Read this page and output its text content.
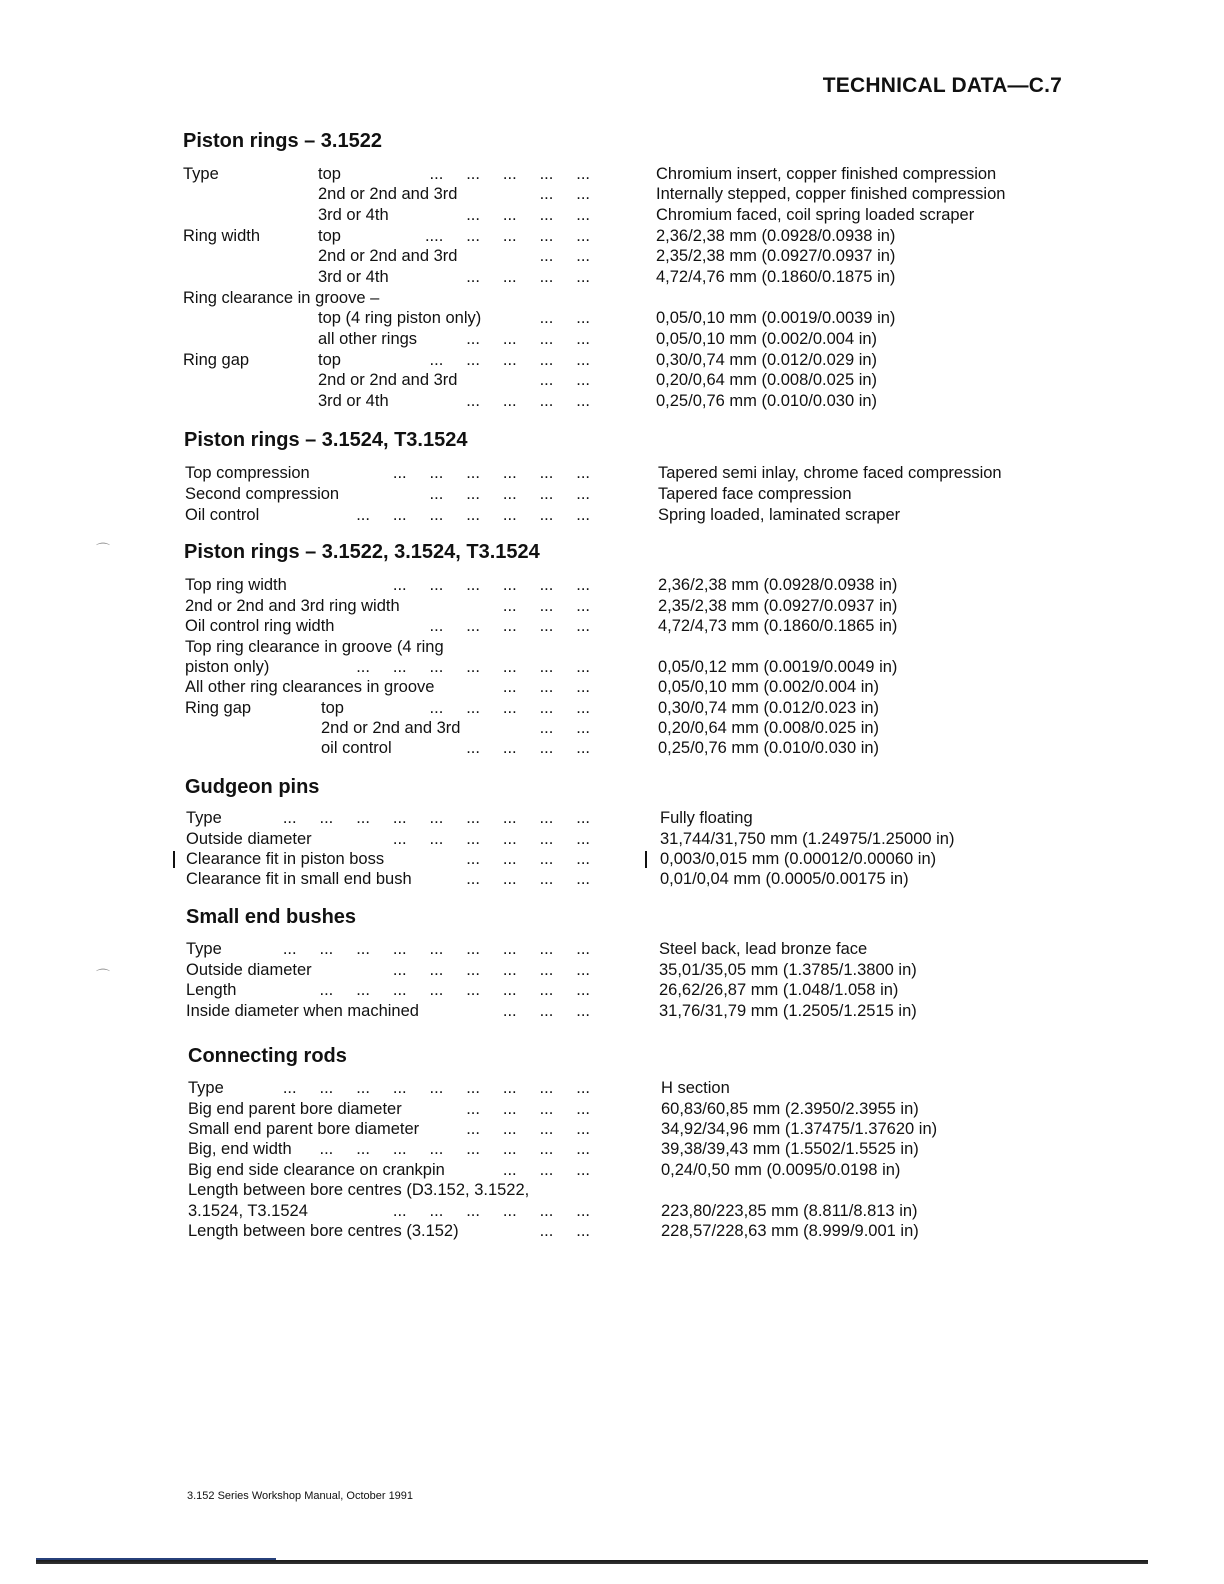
TECHNICAL DATA—C.7
Piston rings – 3.1522
Type	top	...     ...     ...     ...     ...	Chromium insert, copper finished compression
2nd or 2nd and 3rd	...     ...	Internally stepped, copper finished compression
3rd or 4th	...     ...     ...     ...	Chromium faced, coil spring loaded scraper
Ring width	top	....     ...     ...     ...     ...	2,36/2,38 mm (0.0928/0.0938 in)
2nd or 2nd and 3rd	...     ...	2,35/2,38 mm (0.0927/0.0937 in)
3rd or 4th	...     ...     ...     ...	4,72/4,76 mm (0.1860/0.1875 in)
Ring clearance in groove –
top (4 ring piston only)	...     ...	0,05/0,10 mm (0.0019/0.0039 in)
all other rings	...     ...     ...     ...	0,05/0,10 mm (0.002/0.004 in)
Ring gap	top	...     ...     ...     ...     ...	0,30/0,74 mm (0.012/0.029 in)
2nd or 2nd and 3rd	...     ...	0,20/0,64 mm (0.008/0.025 in)
3rd or 4th	...     ...     ...     ...	0,25/0,76 mm (0.010/0.030 in)
Piston rings – 3.1524, T3.1524
Top compression	...     ...     ...     ...     ...     ...	Tapered semi inlay, chrome faced compression
Second compression	...     ...     ...     ...     ...	Tapered face compression
Oil control	...     ...     ...     ...     ...     ...     ...	Spring loaded, laminated scraper
Piston rings – 3.1522, 3.1524, T3.1524
Top ring width	...     ...     ...     ...     ...     ...	2,36/2,38 mm (0.0928/0.0938 in)
2nd or 2nd and 3rd ring width	...     ...     ...	2,35/2,38 mm (0.0927/0.0937 in)
Oil control ring width	...     ...     ...     ...     ...	4,72/4,73 mm (0.1860/0.1865 in)
Top ring clearance in groove (4 ring
piston only)	...     ...     ...     ...     ...     ...     ...	0,05/0,12 mm (0.0019/0.0049 in)
All other ring clearances in groove	...     ...     ...	0,05/0,10 mm (0.002/0.004 in)
Ring gap	top	...     ...     ...     ...     ...	0,30/0,74 mm (0.012/0.023 in)
2nd or 2nd and 3rd	...     ...	0,20/0,64 mm (0.008/0.025 in)
oil control	...     ...     ...     ...	0,25/0,76 mm (0.010/0.030 in)
Gudgeon pins
Type	...     ...     ...     ...     ...     ...     ...     ...     ...	Fully floating
Outside diameter	...     ...     ...     ...     ...     ...	31,744/31,750 mm (1.24975/1.25000 in)
Clearance fit in piston boss	...     ...     ...     ...	0,003/0,015 mm (0.00012/0.00060 in)
Clearance fit in small end bush	...     ...     ...     ...	0,01/0,04 mm (0.0005/0.00175 in)
Small end bushes
Type	...     ...     ...     ...     ...     ...     ...     ...     ...	Steel back, lead bronze face
Outside diameter	...     ...     ...     ...     ...     ...	35,01/35,05 mm (1.3785/1.3800 in)
Length	...     ...     ...     ...     ...     ...     ...     ...	26,62/26,87 mm (1.048/1.058 in)
Inside diameter when machined	...     ...     ...	31,76/31,79 mm (1.2505/1.2515 in)
Connecting rods
Type	...     ...     ...     ...     ...     ...     ...     ...     ...	H section
Big end parent bore diameter	...     ...     ...     ...	60,83/60,85 mm (2.3950/2.3955 in)
Small end parent bore diameter	...     ...     ...     ...	34,92/34,96 mm (1.37475/1.37620 in)
Big, end width ...     ...     ...     ...     ...     ...     ...     ...	39,38/39,43 mm (1.5502/1.5525 in)
Big end side clearance on crankpin	...     ...     ...	0,24/0,50 mm (0.0095/0.0198 in)
Length between bore centres (D3.152, 3.1522,
3.1524, T3.1524	...     ...     ...     ...     ...     ...	223,80/223,85 mm (8.811/8.813 in)
Length between bore centres (3.152)	...     ...	228,57/228,63 mm (8.999/9.001 in)
3.152 Series Workshop Manual, October 1991
⌒
⌒
